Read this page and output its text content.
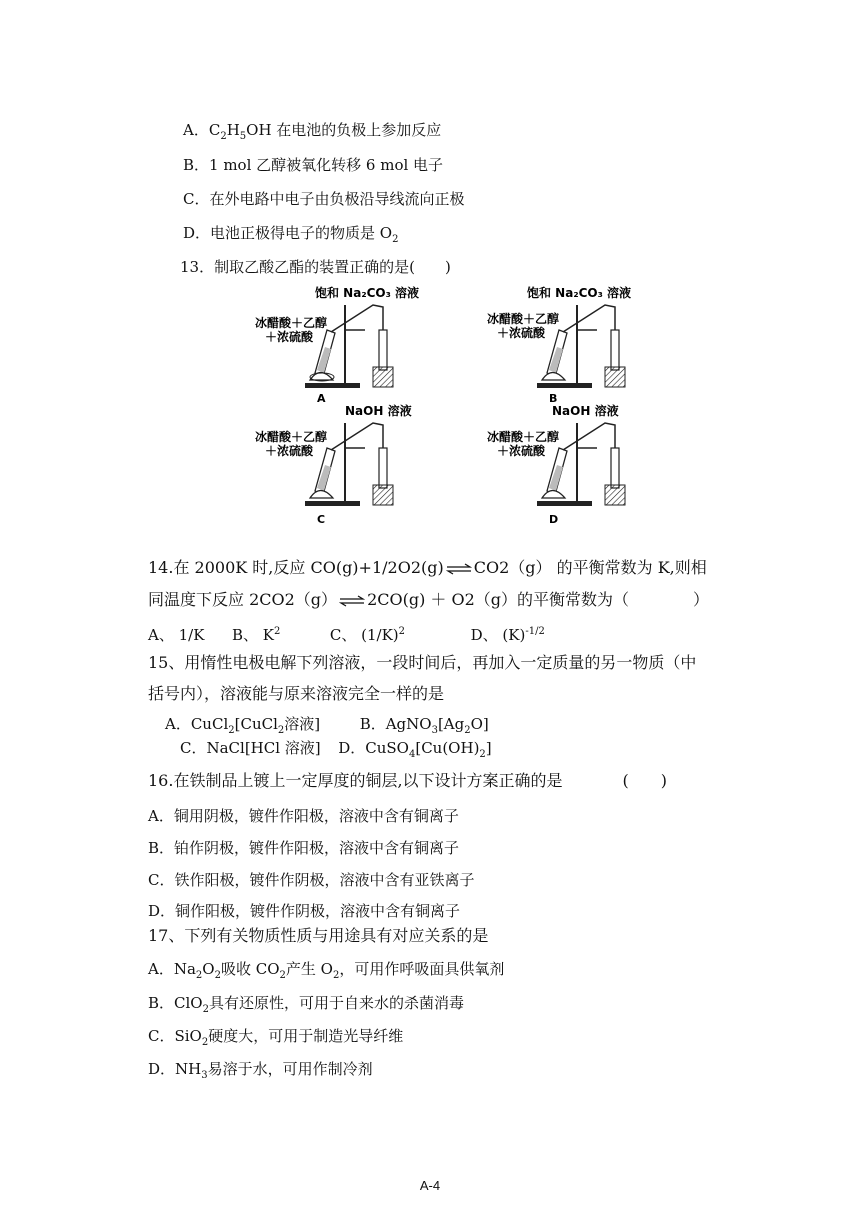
A．$C_2H_5OH$ 在电池的负极上参加反应
B．1 mol 乙醇被氧化转移 6 mol 电子
C．在外电路中电子由负极沿导线流向正极
D．电池正极得电子的物质是 $O_2$
13．制取乙酸乙酯的装置正确的是(　　)
饱和 Na₂CO₃ 溶液
冰醋酸＋乙醇
＋浓硫酸
A
饱和 Na₂CO₃ 溶液
冰醋酸＋乙醇
＋浓硫酸
B
NaOH 溶液
冰醋酸＋乙醇
＋浓硫酸
C
NaOH 溶液
冰醋酸＋乙醇
＋浓硫酸
D
14.在 2000K 时,反应 CO(g)+1/2O2(g) ⇌ CO2（g） 的平衡常数为 K,则相
同温度下反应 2CO2（g） ⇌ 2CO(g) ＋ O2（g）的平衡常数为（　　　　）
A、 1/K B、 $K^2$	C、 $(1/K)^2$	D、 $(K)^{-1/2}$
15、用惰性电极电解下列溶液，一段时间后，再加入一定质量的另一物质（中
括号内），溶液能与原来溶液完全一样的是
A．CuCl$_2$[CuCl$_2$溶液]	B．$AgNO_3[Ag_2O]$
C．NaCl[HCl 溶液] D．$CuSO_4[Cu(OH)_2]$
16.在铁制品上镀上一定厚度的铜层,以下设计方案正确的是	(　　)
A．铜用阴极，镀件作阳极，溶液中含有铜离子
B．铂作阴极，镀件作阳极，溶液中含有铜离子
C．铁作阳极，镀件作阴极，溶液中含有亚铁离子
D．铜作阳极，镀件作阴极，溶液中含有铜离子
17、下列有关物质性质与用途具有对应关系的是
A．$Na_2O_2$吸收 $CO_2$产生 $O_2$，可用作呼吸面具供氧剂
B．ClO$_2$具有还原性，可用于自来水的杀菌消毒
C．SiO$_2$硬度大，可用于制造光导纤维
D．$NH_3$易溶于水，可用作制冷剂
A-4
